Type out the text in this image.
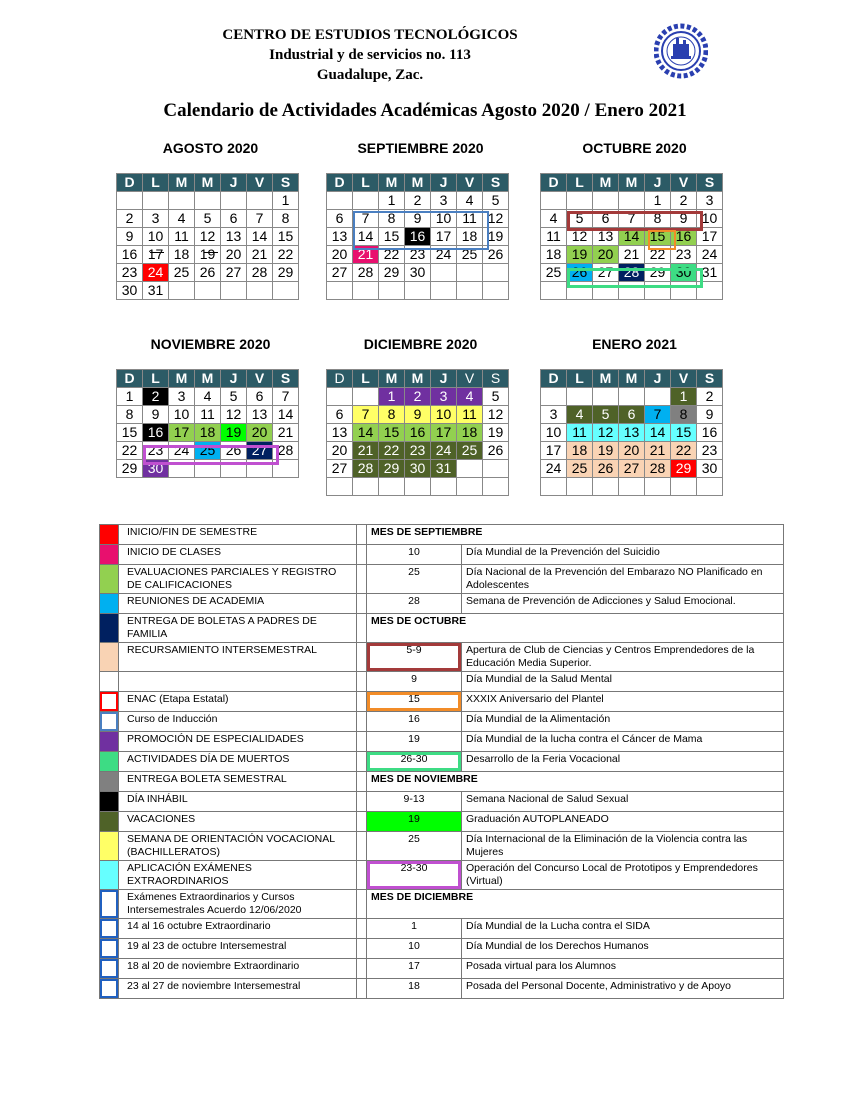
CENTRO DE ESTUDIOS TECNOLÓGICOS
Industrial y de servicios no. 113
Guadalupe, Zac.
Calendario de Actividades Académicas Agosto 2020 / Enero 2021
AGOSTO 2020
D	L	M	M	J	V	S
						1
2	3	4	5	6	7	8
9	10	11	12	13	14	15
16	17	18	19	20	21	22
23	24	25	26	27	28	29
30	31					
SEPTIEMBRE 2020
D	L	M	M	J	V	S
		1	2	3	4	5
6	7	8	9	10	11	12
13	14	15	16	17	18	19
20	21	22	23	24	25	26
27	28	29	30			

OCTUBRE 2020
D	L	M	M	J	V	S
				1	2	3
4	5	6	7	8	9	10
11	12	13	14	15	16	17
18	19	20	21	22	23	24
25	26	27	28	29	30	31

NOVIEMBRE 2020
D	L	M	M	J	V	S
1	2	3	4	5	6	7
8	9	10	11	12	13	14
15	16	17	18	19	20	21
22	23	24	25	26	27	28
29	30					
DICIEMBRE 2020
D	L	M	M	J	V	S
		1	2	3	4	5
6	7	8	9	10	11	12
13	14	15	16	17	18	19
20	21	22	23	24	25	26
27	28	29	30	31		

ENERO 2021
D	L	M	M	J	V	S
					1	2
3	4	5	6	7	8	9
10	11	12	13	14	15	16
17	18	19	20	21	22	23
24	25	26	27	28	29	30

	INICIO/FIN DE SEMESTRE		MES DE SEPTIEMBRE	
	INICIO DE CLASES		10	Día Mundial de la Prevención del Suicidio
	EVALUACIONES PARCIALES Y REGISTRO DE CALIFICACIONES		25	Día Nacional de la Prevención del Embarazo NO Planificado en Adolescentes
	REUNIONES DE ACADEMIA		28	Semana de Prevención de Adicciones y Salud Emocional.
	ENTREGA DE BOLETAS A PADRES DE FAMILIA		MES DE OCTUBRE	
	RECURSAMIENTO INTERSEMESTRAL		5-9	Apertura de Club de Ciencias y Centros Emprendedores de la Educación Media Superior.
			9	Día Mundial de la Salud Mental
	ENAC (Etapa Estatal)		15	XXXIX Aniversario del Plantel
	Curso de Inducción		16	Día Mundial de la Alimentación
	PROMOCIÓN DE ESPECIALIDADES		19	Día Mundial de la lucha contra el Cáncer de Mama
	ACTIVIDADES DÍA DE MUERTOS		26-30	Desarrollo de la Feria Vocacional
	ENTREGA BOLETA SEMESTRAL		MES DE NOVIEMBRE	
	DÍA INHÁBIL		9-13	Semana Nacional de Salud Sexual
	VACACIONES		19	Graduación AUTOPLANEADO
	SEMANA DE ORIENTACIÓN VOCACIONAL (BACHILLERATOS)		25	Día Internacional de la Eliminación de la Violencia contra las Mujeres
	APLICACIÓN EXÁMENES EXTRAORDINARIOS		23-30	Operación del Concurso Local de Prototipos y Emprendedores (Virtual)
	Exámenes Extraordinarios y Cursos Intersemestrales Acuerdo 12/06/2020		MES DE DICIEMBRE	
	14 al 16 octubre Extraordinario		1	Día Mundial de la Lucha contra el SIDA
	19 al 23 de octubre Intersemestral		10	Día Mundial de los Derechos Humanos
	18 al 20 de noviembre Extraordinario		17	Posada virtual para los Alumnos
	23 al 27 de noviembre Intersemestral		18	Posada del Personal Docente, Administrativo y de Apoyo
